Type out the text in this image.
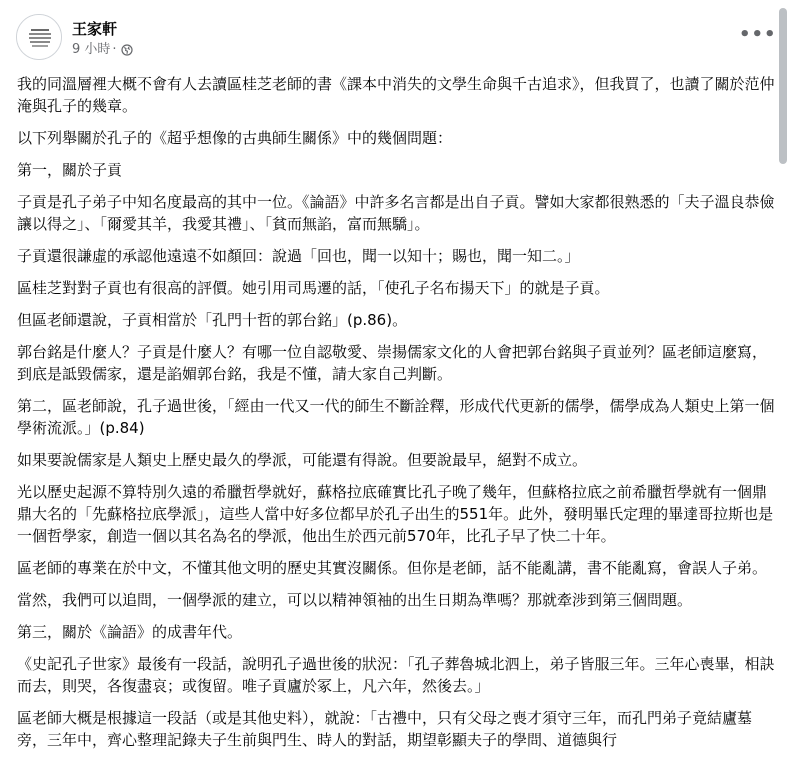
王家軒
9 小時 ·
•••

我的同溫層裡大概不會有人去讀區桂芝老師的書《課本中消失的文學生命與千古追求》，但我買了，也讀了關於范仲淹與孔子的幾章。

以下列舉關於孔子的《超乎想像的古典師生關係》中的幾個問題：

第一，關於子貢

子貢是孔子弟子中知名度最高的其中一位。《論語》中許多名言都是出自子貢。譬如大家都很熟悉的「夫子溫良恭儉讓以得之」、「爾愛其羊，我愛其禮」、「貧而無諂，富而無驕」。

子貢還很謙虛的承認他遠遠不如顏回：說過「回也，聞一以知十；賜也，聞一知二。」

區桂芝對對子貢也有很高的評價。她引用司馬遷的話，「使孔子名布揚天下」的就是子貢。

但區老師還說，子貢相當於「孔門十哲的郭台銘」(p.86)。

郭台銘是什麼人？子貢是什麼人？有哪一位自認敬愛、崇揚儒家文化的人會把郭台銘與子貢並列？區老師這麼寫，到底是詆毀儒家，還是諂媚郭台銘，我是不懂，請大家自己判斷。

第二，區老師說，孔子過世後，「經由一代又一代的師生不斷詮釋，形成代代更新的儒學，儒學成為人類史上第一個學術流派。」(p.84)

如果要說儒家是人類史上歷史最久的學派，可能還有得說。但要說最早，絕對不成立。

光以歷史起源不算特別久遠的希臘哲學就好，蘇格拉底確實比孔子晚了幾年，但蘇格拉底之前希臘哲學就有一個鼎鼎大名的「先蘇格拉底學派」，這些人當中好多位都早於孔子出生的551年。此外，發明畢氏定理的畢達哥拉斯也是一個哲學家，創造一個以其名為名的學派，他出生於西元前570年，比孔子早了快二十年。

區老師的專業在於中文，不懂其他文明的歷史其實沒關係。但你是老師，話不能亂講，書不能亂寫，會誤人子弟。

當然，我們可以追問，一個學派的建立，可以以精神領袖的出生日期為準嗎？那就牽涉到第三個問題。

第三，關於《論語》的成書年代。

《史記孔子世家》最後有一段話，說明孔子過世後的狀況：「孔子葬魯城北泗上，弟子皆服三年。三年心喪畢，相訣而去，則哭，各復盡哀；或復留。唯子貢廬於冢上，凡六年，然後去。」

區老師大概是根據這一段話（或是其他史料），就說：「古禮中，只有父母之喪才須守三年，而孔門弟子竟結廬墓旁，三年中，齊心整理記錄夫子生前與門生、時人的對話，期望彰顯夫子的學問、道德與行
